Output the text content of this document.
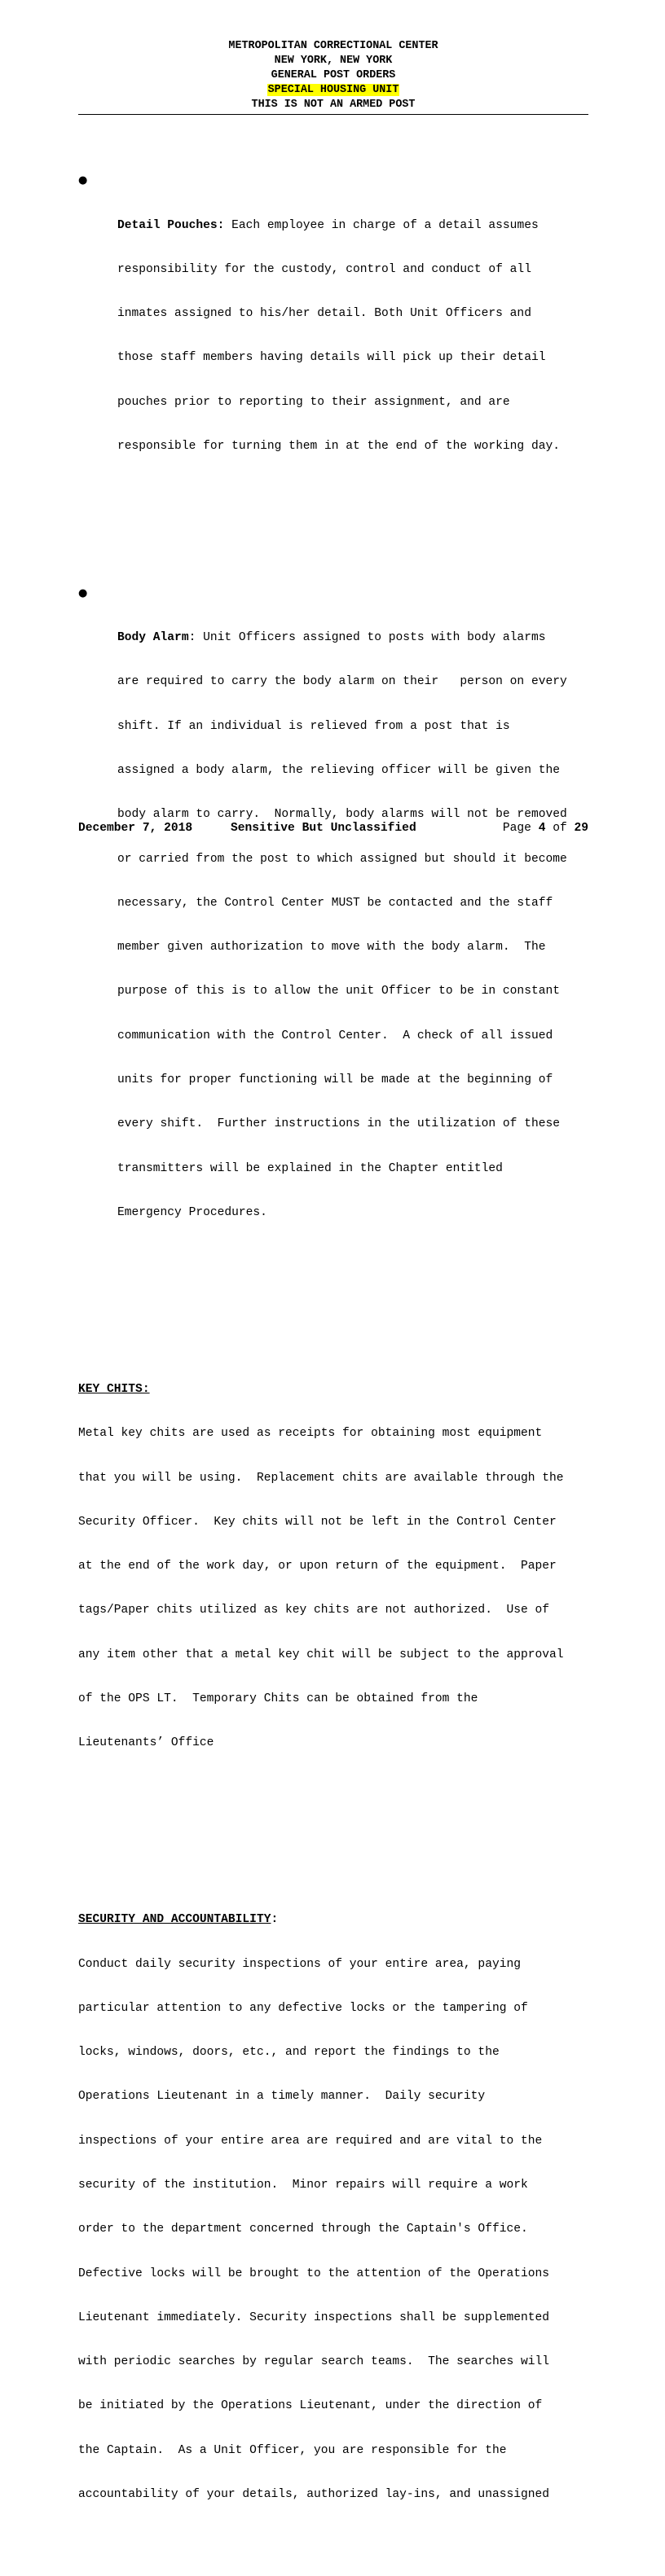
METROPOLITAN CORRECTIONAL CENTER
NEW YORK, NEW YORK
GENERAL POST ORDERS
SPECIAL HOUSING UNIT
THIS IS NOT AN ARMED POST

●

Detail Pouches: Each employee in charge of a detail assumes

responsibility for the custody, control and conduct of all

inmates assigned to his/her detail. Both Unit Officers and

those staff members having details will pick up their detail

pouches prior to reporting to their assignment, and are

responsible for turning them in at the end of the working day.

●

Body Alarm: Unit Officers assigned to posts with body alarms

are required to carry the body alarm on their   person on every

shift. If an individual is relieved from a post that is

assigned a body alarm, the relieving officer will be given the

body alarm to carry.  Normally, body alarms will not be removed

or carried from the post to which assigned but should it become

necessary, the Control Center MUST be contacted and the staff

member given authorization to move with the body alarm.  The

purpose of this is to allow the unit Officer to be in constant

communication with the Control Center.  A check of all issued

units for proper functioning will be made at the beginning of

every shift.  Further instructions in the utilization of these

transmitters will be explained in the Chapter entitled

Emergency Procedures.

KEY CHITS:

Metal key chits are used as receipts for obtaining most equipment

that you will be using.  Replacement chits are available through the

Security Officer.  Key chits will not be left in the Control Center

at the end of the work day, or upon return of the equipment.  Paper

tags/Paper chits utilized as key chits are not authorized.  Use of

any item other that a metal key chit will be subject to the approval

of the OPS LT.  Temporary Chits can be obtained from the

Lieutenants’ Office

SECURITY AND ACCOUNTABILITY:

Conduct daily security inspections of your entire area, paying

particular attention to any defective locks or the tampering of

locks, windows, doors, etc., and report the findings to the

Operations Lieutenant in a timely manner.  Daily security

inspections of your entire area are required and are vital to the

security of the institution.  Minor repairs will require a work

order to the department concerned through the Captain's Office.

Defective locks will be brought to the attention of the Operations

Lieutenant immediately. Security inspections shall be supplemented

with periodic searches by regular search teams.  The searches will

be initiated by the Operations Lieutenant, under the direction of

the Captain.  As a Unit Officer, you are responsible for the

accountability of your details, authorized lay-ins, and unassigned

December 7, 2018

	Sensitive But Unclassified

	Page 4 of 29
